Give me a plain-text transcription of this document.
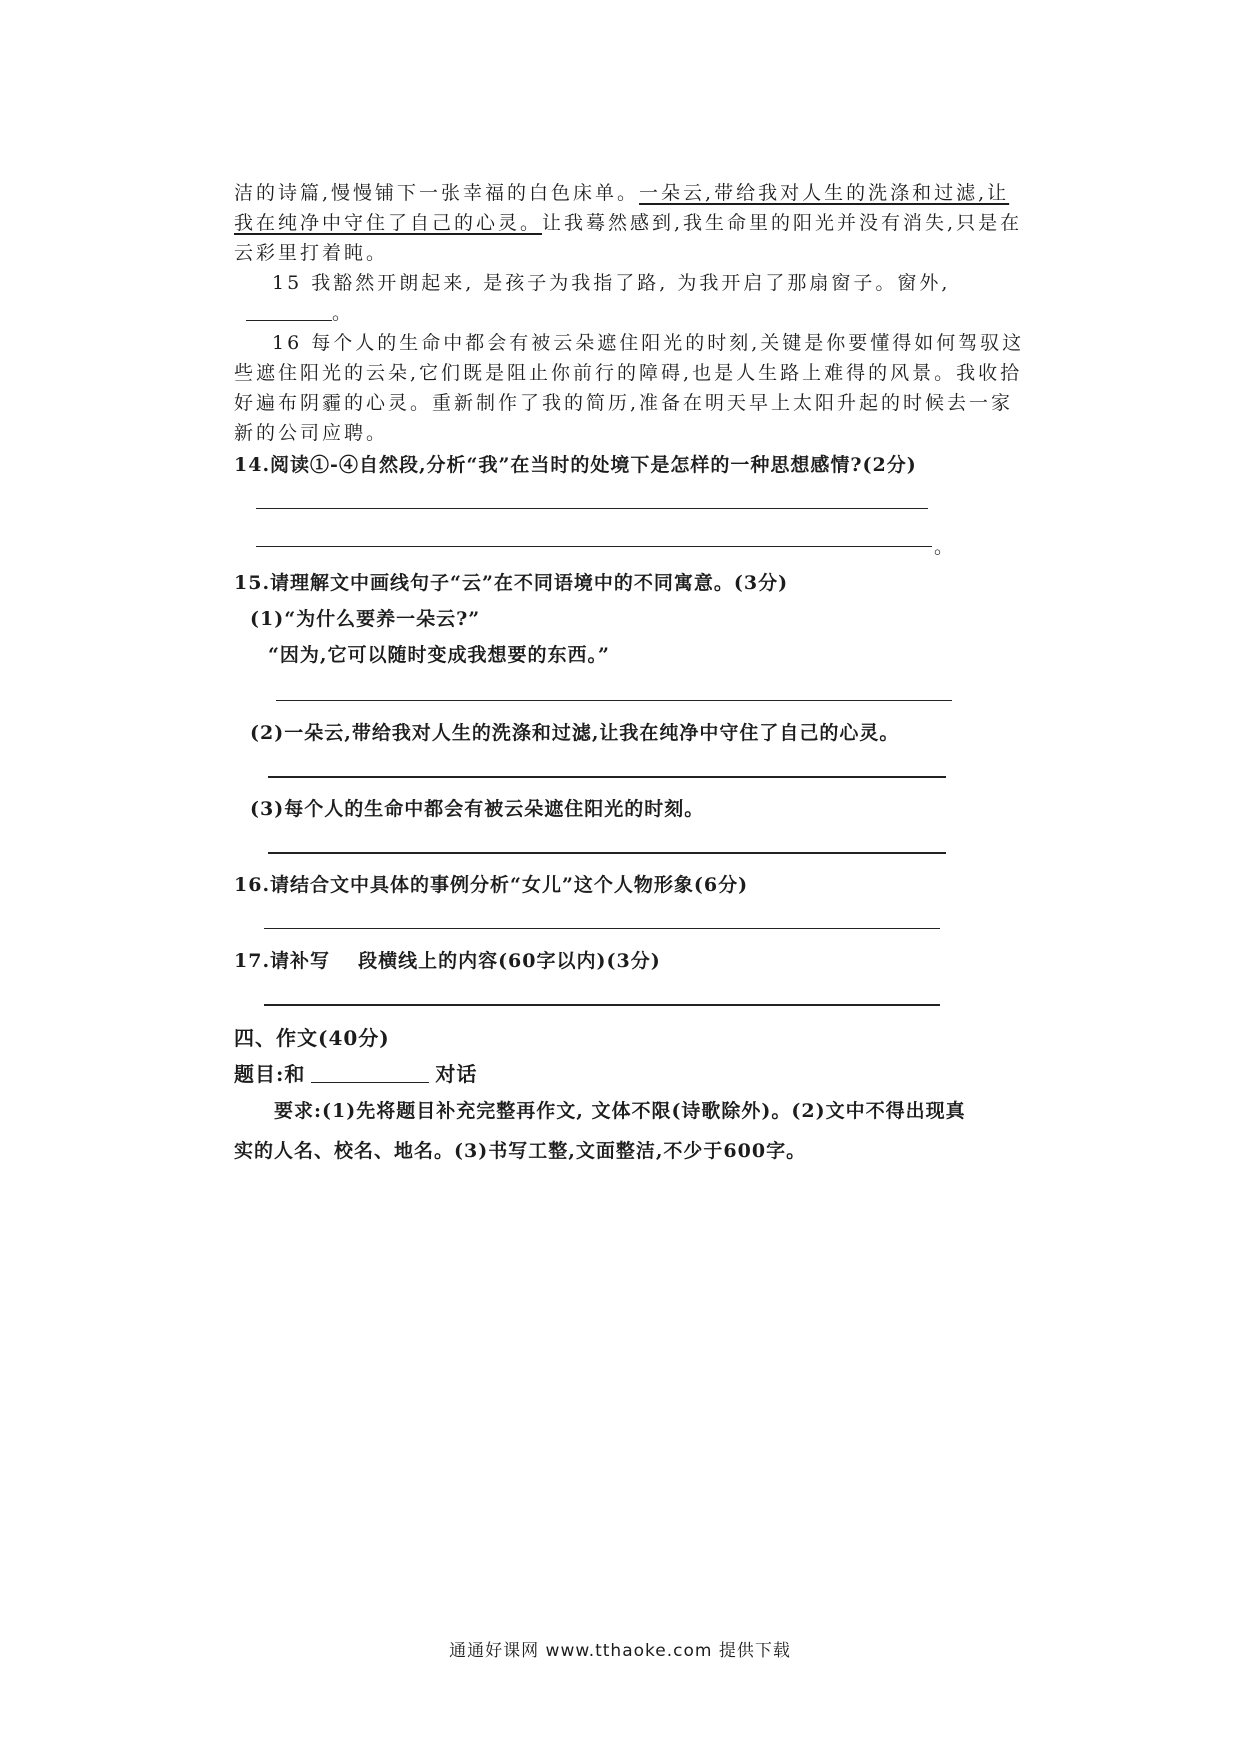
洁的诗篇,慢慢铺下一张幸福的白色床单。一朵云,带给我对人生的洗涤和过滤,让
我在纯净中守住了自己的心灵。让我蓦然感到,我生命里的阳光并没有消失,只是在
云彩里打着盹。
15 我豁然开朗起来, 是孩子为我指了路, 为我开启了那扇窗子。窗外,
。
16 每个人的生命中都会有被云朵遮住阳光的时刻,关键是你要懂得如何驾驭这
些遮住阳光的云朵,它们既是阻止你前行的障碍,也是人生路上难得的风景。我收拾
好遍布阴霾的心灵。重新制作了我的简历,准备在明天早上太阳升起的时候去一家
新的公司应聘。
14.阅读①-④自然段,分析“我”在当时的处境下是怎样的一种思想感情?(2分)
。
15.请理解文中画线句子“云”在不同语境中的不同寓意。(3分)
(1)“为什么要养一朵云?”
“因为,它可以随时变成我想要的东西。”
(2)一朵云,带给我对人生的洗涤和过滤,让我在纯净中守住了自己的心灵。
(3)每个人的生命中都会有被云朵遮住阳光的时刻。
16.请结合文中具体的事例分析“女儿”这个人物形象(6分)
17.请补写 段横线上的内容(60字以内)(3分)
四、作文(40分)
题目:和	对话
要求:(1)先将题目补充完整再作文, 文体不限(诗歌除外)。(2)文中不得出现真
实的人名、校名、地名。(3)书写工整,文面整洁,不少于600字。
通通好课网 www.tthaoke.com 提供下载
